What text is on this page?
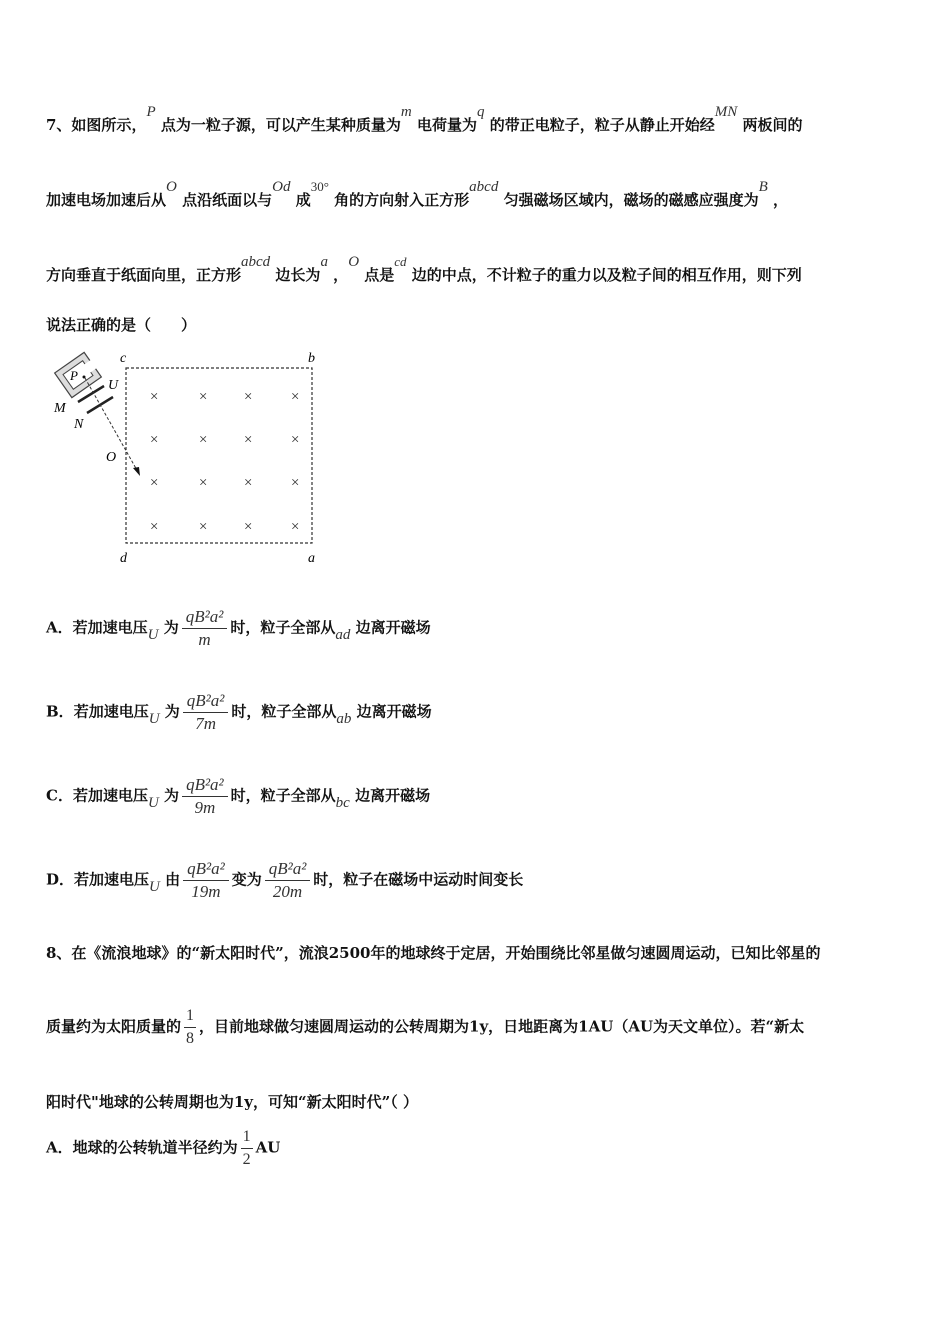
7、如图所示，P 点为一粒子源，可以产生某种质量为m 电荷量为q 的带正电粒子，粒子从静止开始经MN 两板间的
加速电场加速后从O 点沿纸面以与Od 成30° 角的方向射入正方形abcd 匀强磁场区域内，磁场的磁感应强度为B ，
方向垂直于纸面向里，正方形abcd 边长为a ，O 点是cd 边的中点，不计粒子的重力以及粒子间的相互作用，则下列
说法正确的是（　　）
P
M
N
U
c	b
d	a
O
×	× × ×
×	× × ×
×	× × ×
×	× × ×
A．若加速电压U 为 $\frac{\text{qB²a²}}{m}$ 时，粒子全部从ad 边离开磁场
B．若加速电压U 为 $\frac{\text{qB²a²}}{7m}$ 时，粒子全部从ab 边离开磁场
C．若加速电压U 为 $\frac{\text{qB²a²}}{9m}$ 时，粒子全部从bc 边离开磁场
D．若加速电压U 由 $\frac{\text{qB²a²}}{19m}$ 变为 $\frac{\text{qB²a²}}{20m}$ 时，粒子在磁场中运动时间变长
8、在《流浪地球》的“新太阳时代”，流浪2500年的地球终于定居，开始围绕比邻星做匀速圆周运动，已知比邻星的
质量约为太阳质量的 $\frac{1}{8}$ ，目前地球做匀速圆周运动的公转周期为1y，日地距离为1AU（AU为天文单位）。若“新太
阳时代"地球的公转周期也为1y，可知“新太阳时代”（ ）
A．地球的公转轨道半径约为 $\frac{1}{2}$ AU
